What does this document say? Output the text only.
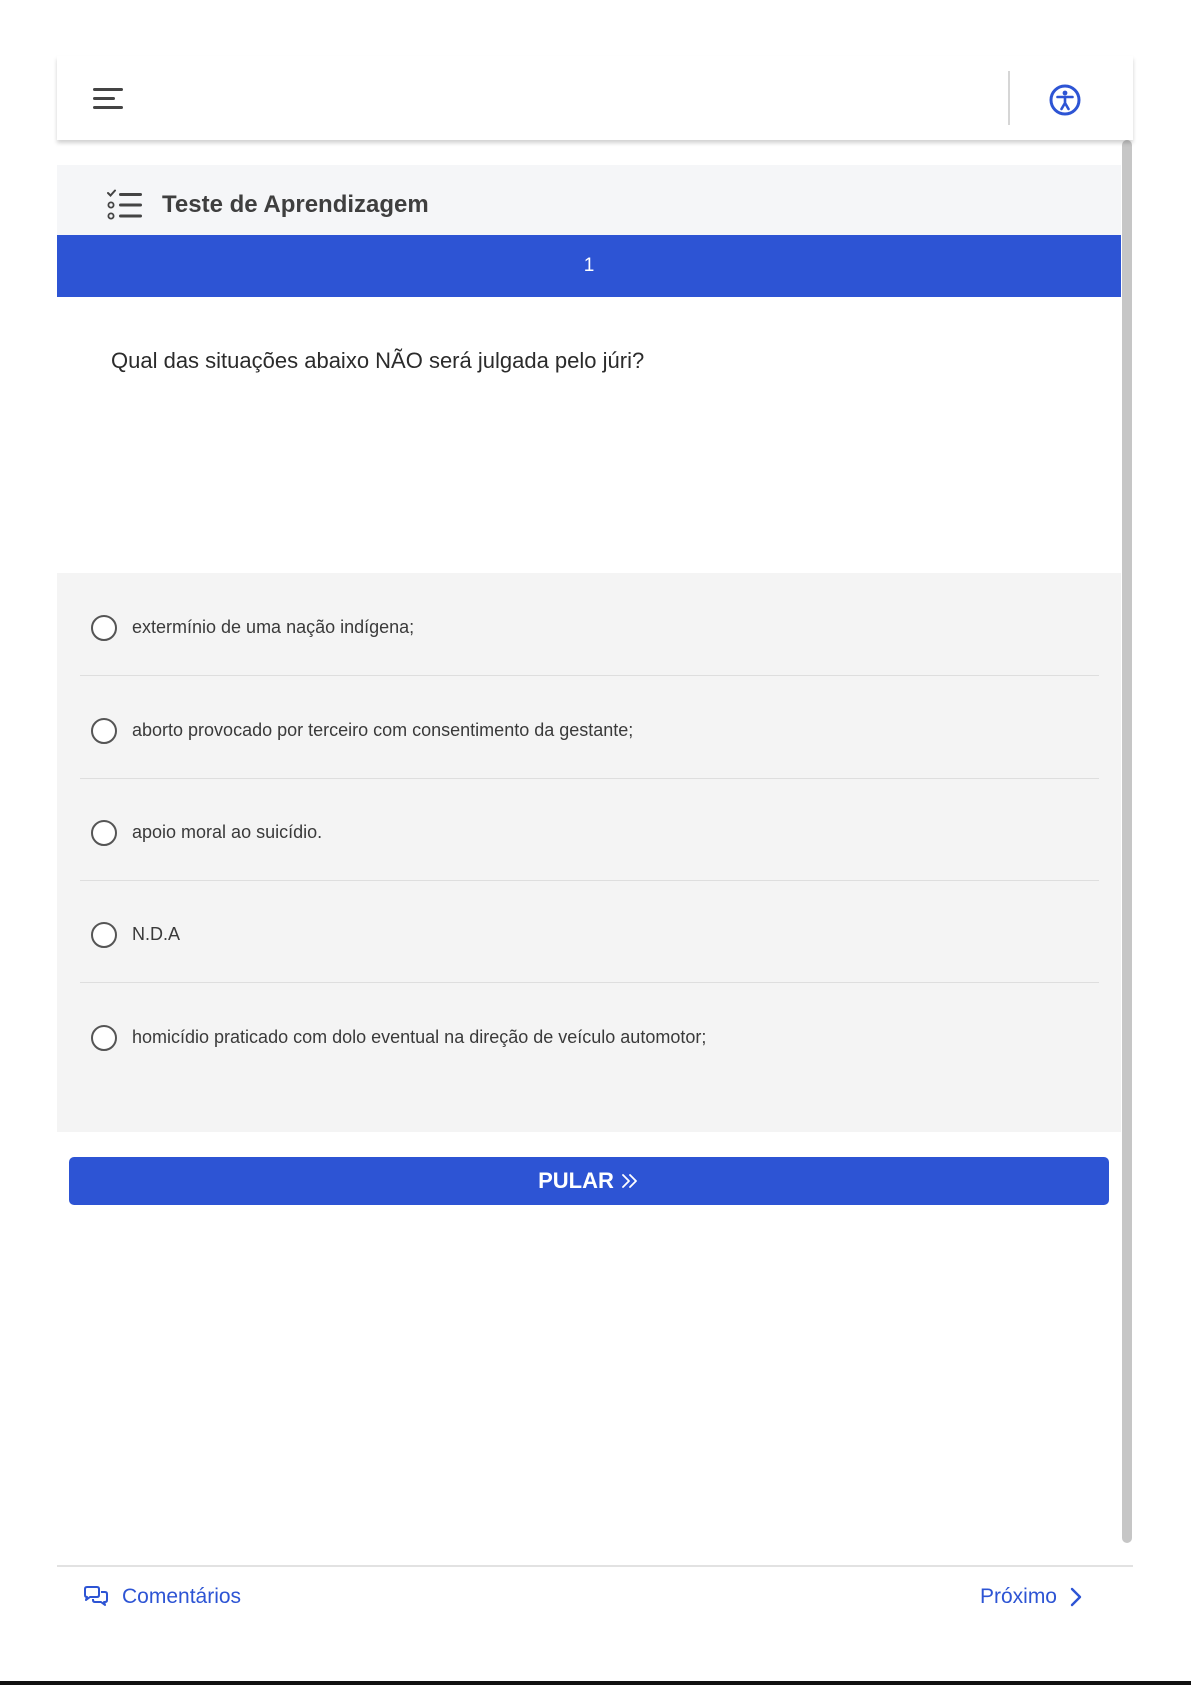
Teste de Aprendizagem
1
Qual das situações abaixo NÃO será julgada pelo júri?
extermínio de uma nação indígena;
aborto provocado por terceiro com consentimento da gestante;
apoio moral ao suicídio.
N.D.A
homicídio praticado com dolo eventual na direção de veículo automotor;
PULAR
Comentários	Próximo
